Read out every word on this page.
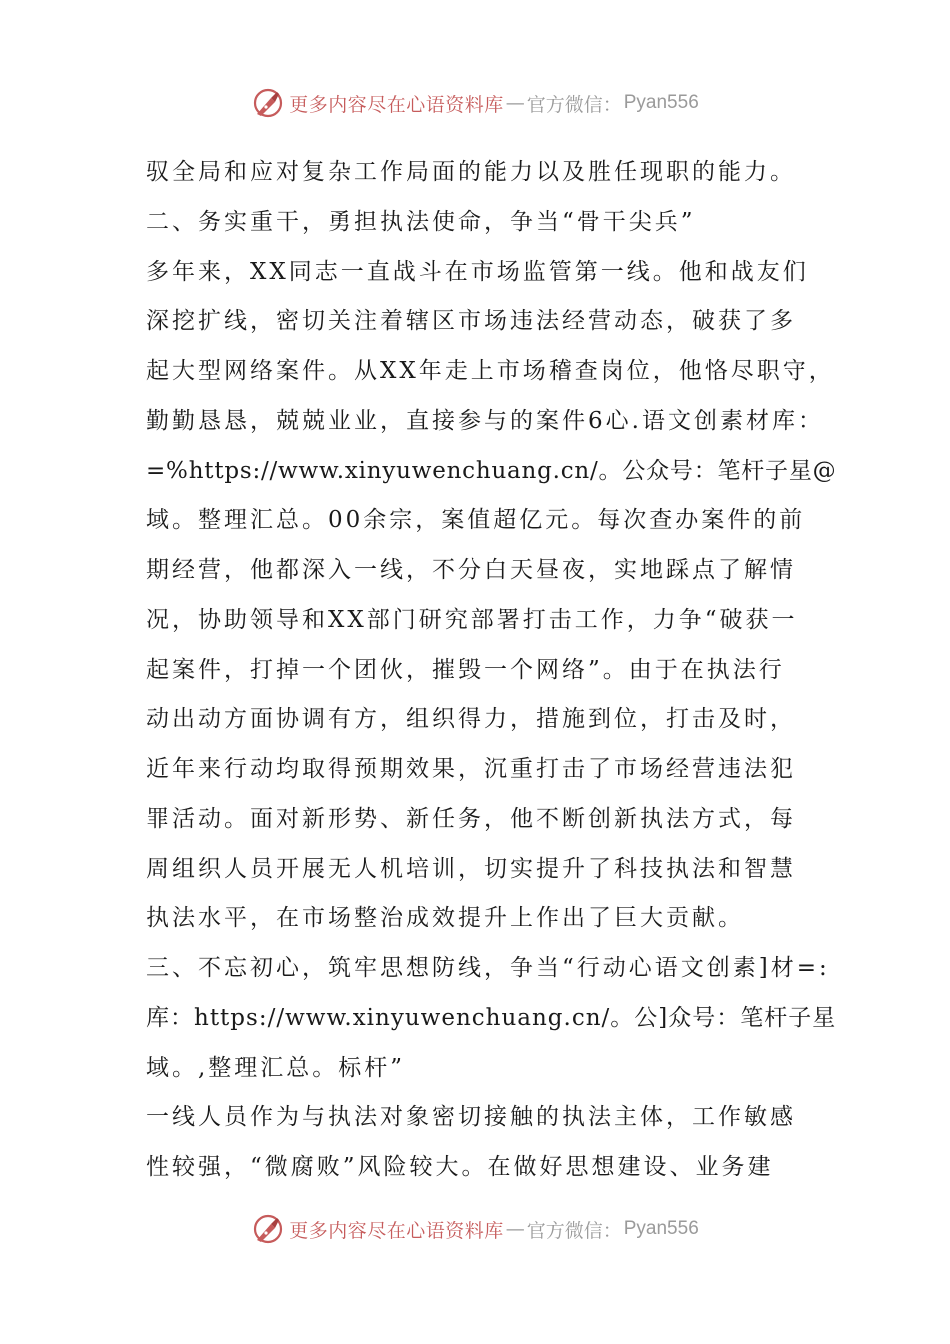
更多内容尽在心语资料库 — 官方微信： Pyan556
驭全局和应对复杂工作局面的能力以及胜任现职的能力。
二、务实重干，勇担执法使命，争当“骨干尖兵”
多年来，XX同志一直战斗在市场监管第一线。他和战友们
深挖扩线，密切关注着辖区市场违法经营动态，破获了多
起大型网络案件。从XX年走上市场稽查岗位，他恪尽职守，
勤勤恳恳，兢兢业业，直接参与的案件6心.语文创素材库：
=%https://www.xinyuwenchuang.cn/。公众号：笔杆子星@
域。整理汇总。00余宗，案值超亿元。每次查办案件的前
期经营，他都深入一线，不分白天昼夜，实地踩点了解情
况，协助领导和XX部门研究部署打击工作，力争“破获一
起案件，打掉一个团伙，摧毁一个网络”。由于在执法行
动出动方面协调有方，组织得力，措施到位，打击及时，
近年来行动均取得预期效果，沉重打击了市场经营违法犯
罪活动。面对新形势、新任务，他不断创新执法方式，每
周组织人员开展无人机培训，切实提升了科技执法和智慧
执法水平，在市场整治成效提升上作出了巨大贡献。
三、不忘初心，筑牢思想防线，争当“行动心语文创素]材=:
库：https://www.xinyuwenchuang.cn/。公]众号：笔杆子星
域。,整理汇总。标杆”
一线人员作为与执法对象密切接触的执法主体，工作敏感
性较强，“微腐败”风险较大。在做好思想建设、业务建
更多内容尽在心语资料库 — 官方微信： Pyan556
